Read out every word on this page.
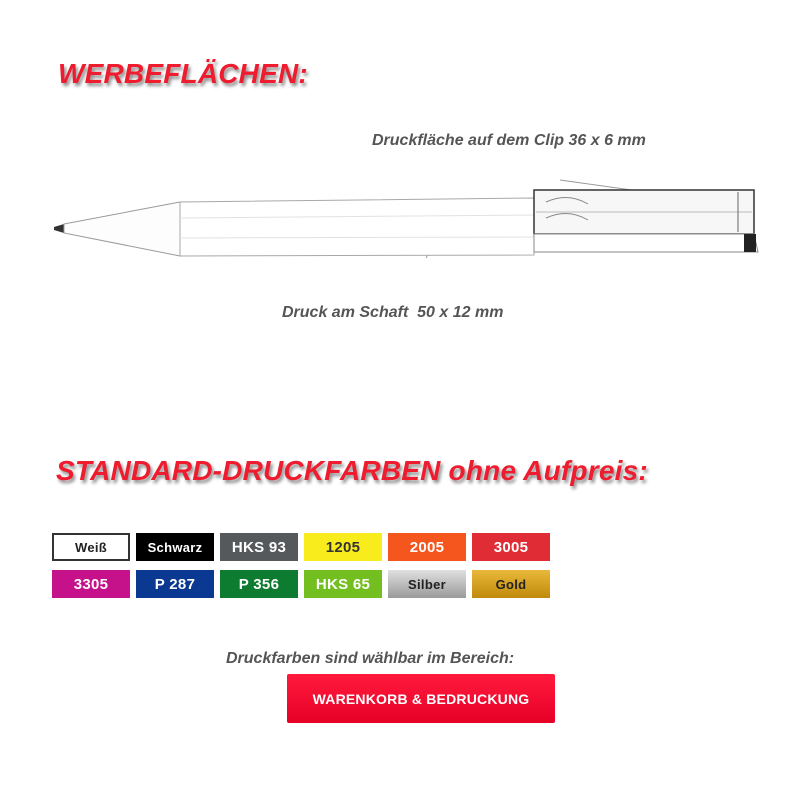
WERBEFLÄCHEN:

Druckfläche auf dem Clip 36 x 6 mm

Druck am Schaft  50 x 12 mm

STANDARD-DRUCKFARBEN ohne Aufpreis:
Weiß	Schwarz	HKS 93	1205	2005	3005
3305	P 287	P 356	HKS 65	Silber	Gold

Druckfarben sind wählbar im Bereich:

WARENKORB & BEDRUCKUNG
